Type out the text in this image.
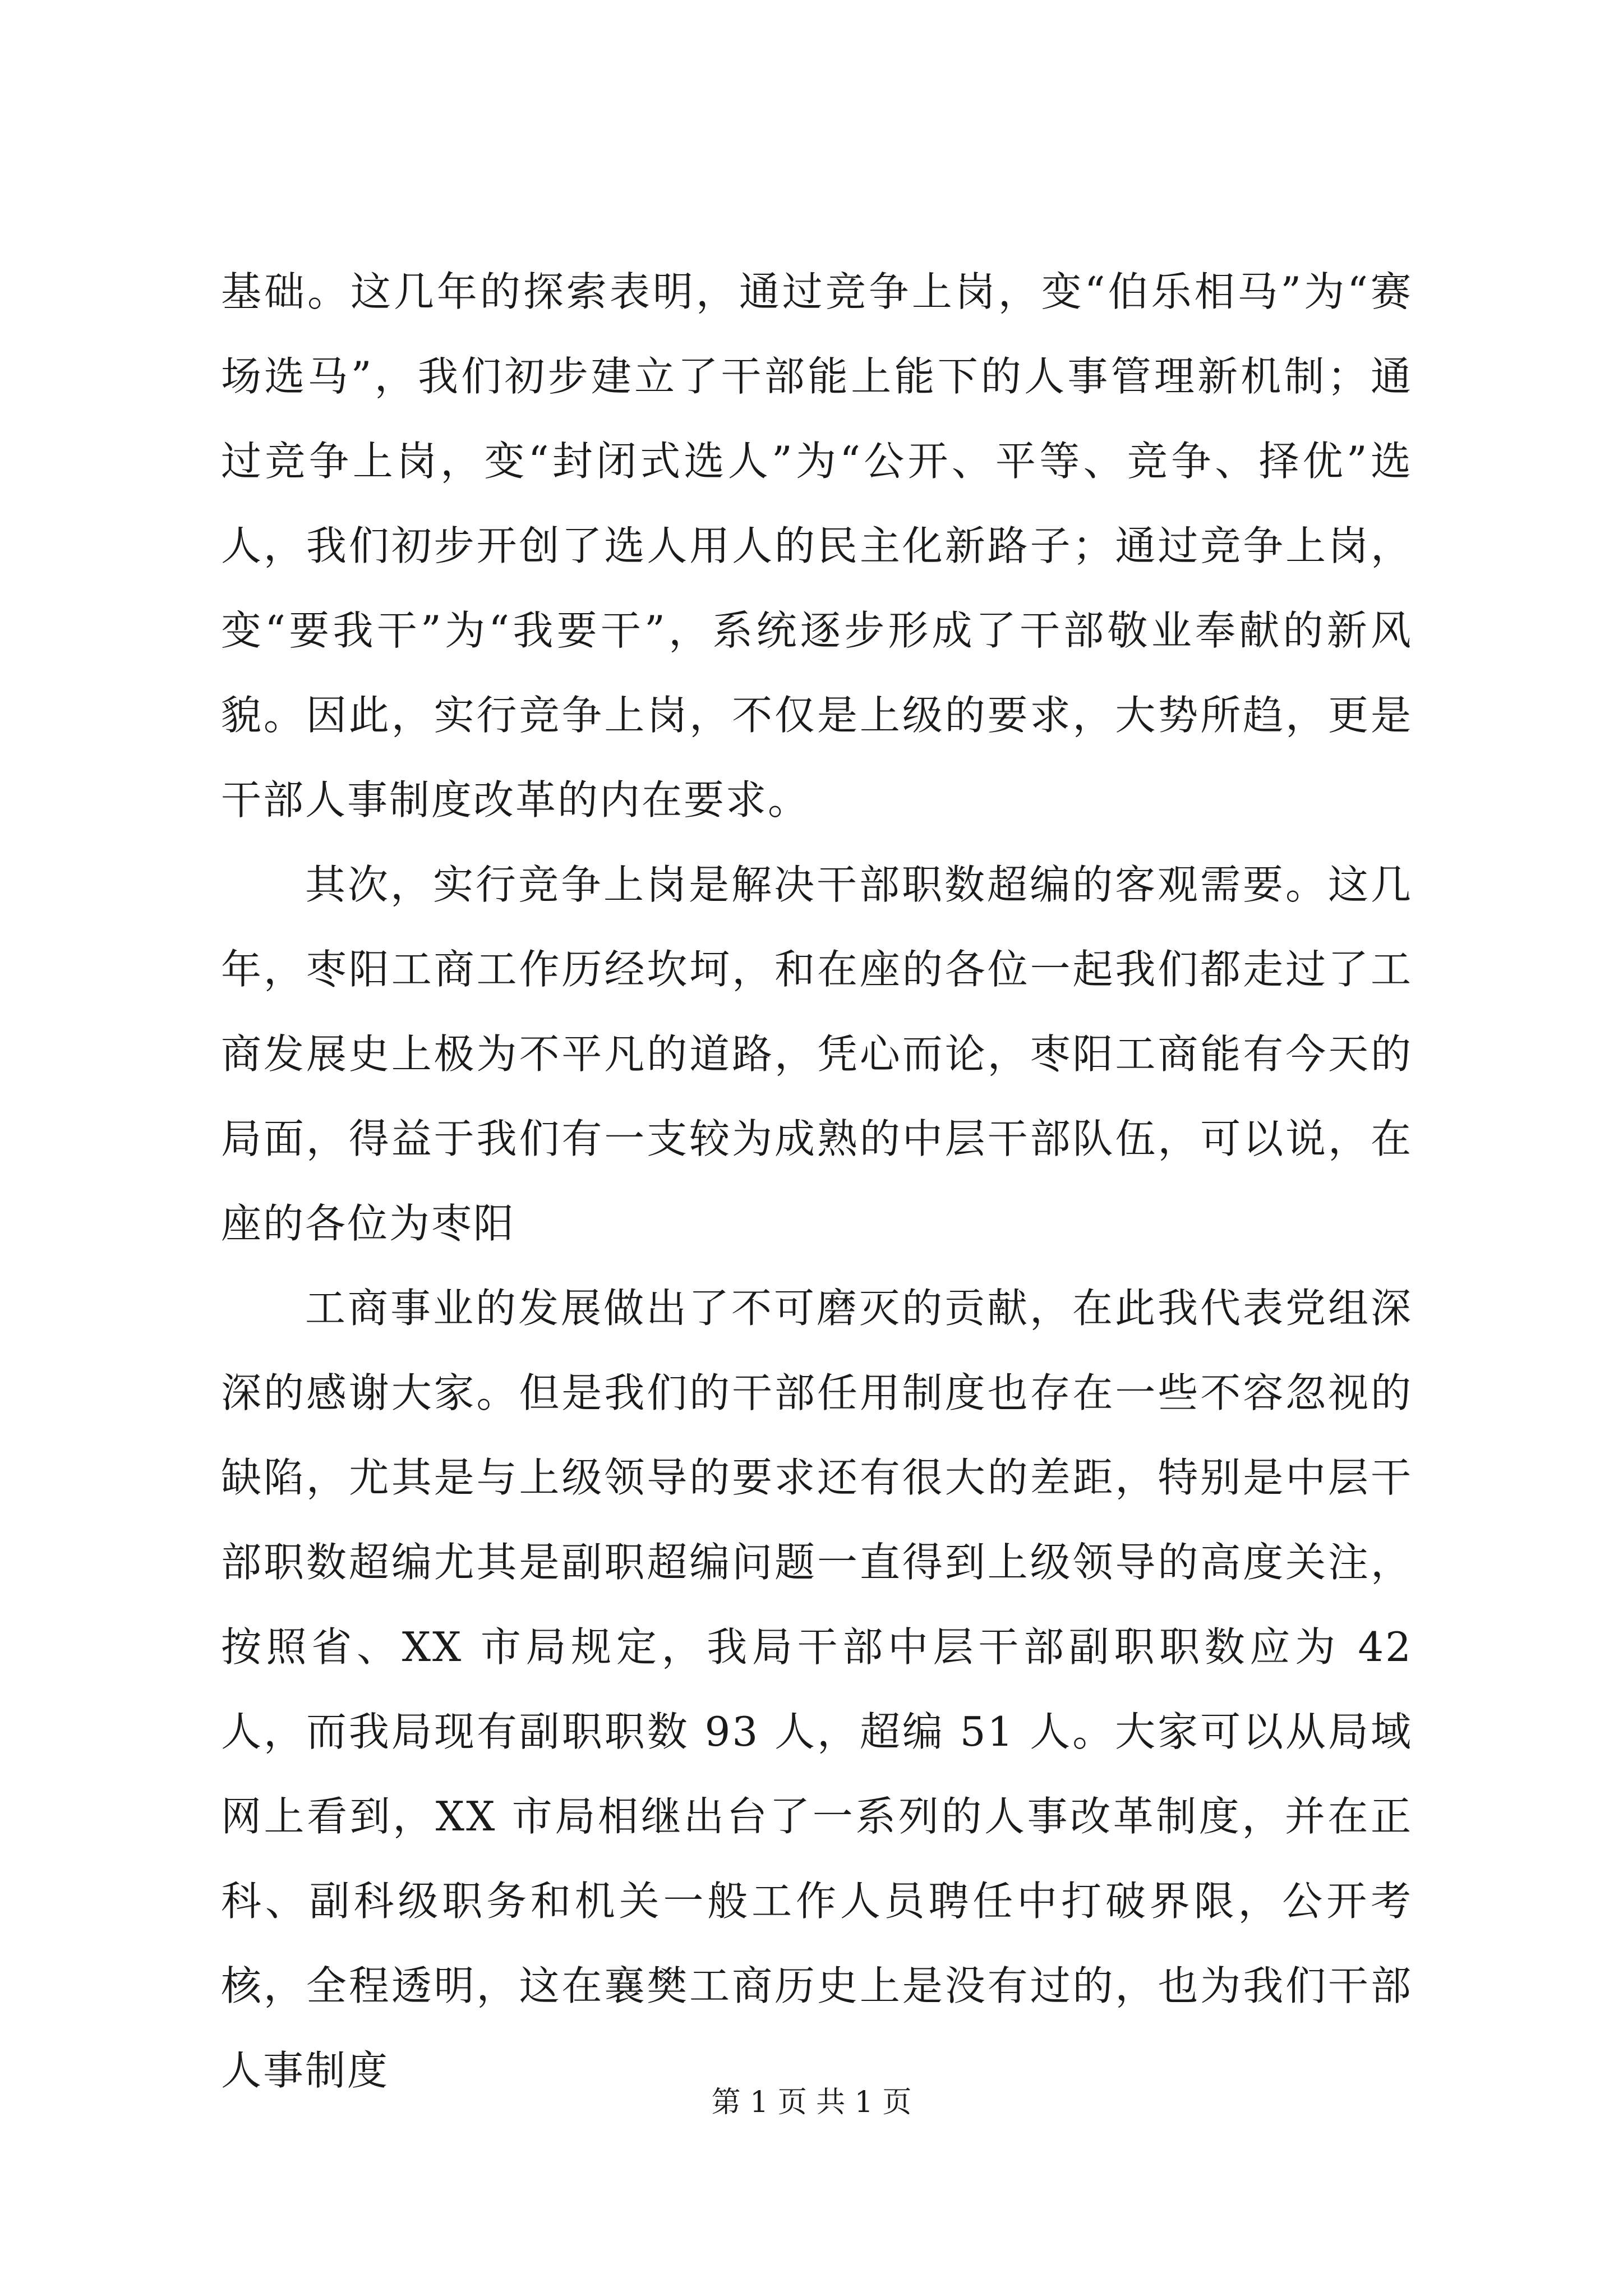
基础。这几年的探索表明，通过竞争上岗，变“伯乐相马”为“赛场选马”，我们初步建立了干部能上能下的人事管理新机制；通过竞争上岗，变“封闭式选人”为“公开、平等、竞争、择优”选人，我们初步开创了选人用人的民主化新路子；通过竞争上岗，变“要我干”为“我要干”，系统逐步形成了干部敬业奉献的新风貌。因此，实行竞争上岗，不仅是上级的要求，大势所趋，更是干部人事制度改革的内在要求。

其次，实行竞争上岗是解决干部职数超编的客观需要。这几年，枣阳工商工作历经坎坷，和在座的各位一起我们都走过了工商发展史上极为不平凡的道路，凭心而论，枣阳工商能有今天的局面，得益于我们有一支较为成熟的中层干部队伍，可以说，在座的各位为枣阳

工商事业的发展做出了不可磨灭的贡献，在此我代表党组深深的感谢大家。但是我们的干部任用制度也存在一些不容忽视的缺陷，尤其是与上级领导的要求还有很大的差距，特别是中层干部职数超编尤其是副职超编问题一直得到上级领导的高度关注，按照省、XX 市局规定，我局干部中层干部副职职数应为 42 人，而我局现有副职职数 93 人，超编 51 人。大家可以从局域网上看到，XX 市局相继出台了一系列的人事改革制度，并在正科、副科级职务和机关一般工作人员聘任中打破界限，公开考核，全程透明，这在襄樊工商历史上是没有过的，也为我们干部人事制度

第 1 页 共 1 页
